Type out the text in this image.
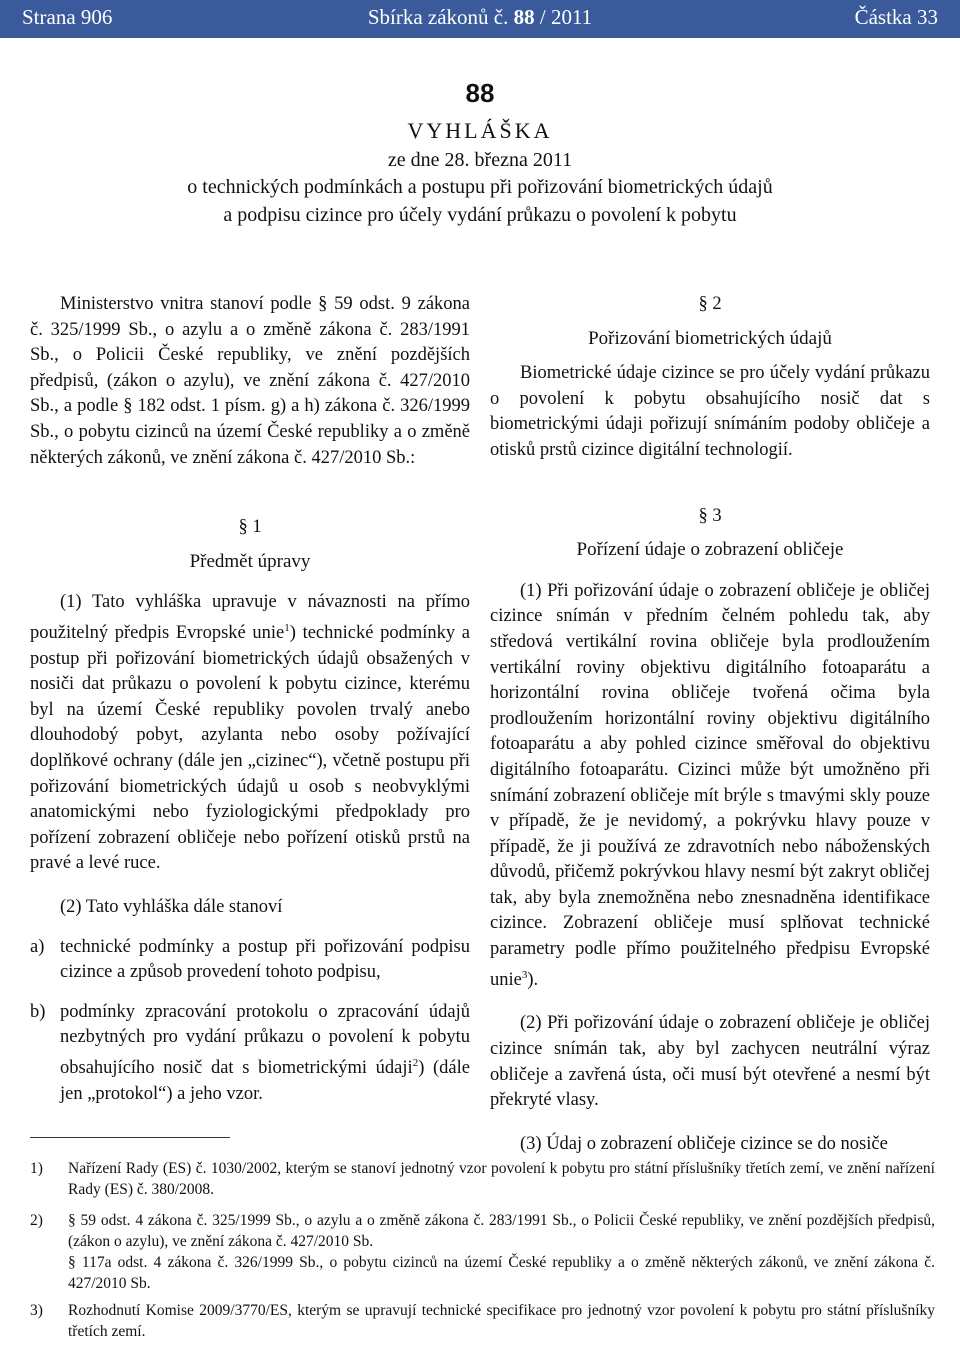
Strana 906	Sbírka zákonů č. 88 / 2011	Částka 33
88
VYHLÁŠKA
ze dne 28. března 2011
o technických podmínkách a postupu při pořizování biometrických údajů
a podpisu cizince pro účely vydání průkazu o povolení k pobytu

Ministerstvo vnitra stanoví podle § 59 odst. 9 zákona č. 325/1999 Sb., o azylu a o změně zákona č. 283/1991 Sb., o Policii České republiky, ve znění pozdějších předpisů, (zákon o azylu), ve znění zákona č. 427/2010 Sb., a podle § 182 odst. 1 písm. g) a h) zákona č. 326/1999 Sb., o pobytu cizinců na území České republiky a o změně některých zákonů, ve znění zákona č. 427/2010 Sb.:

§ 1
Předmět úpravy

(1) Tato vyhláška upravuje v návaznosti na přímo použitelný předpis Evropské unie$^1$) technické podmínky a postup při pořizování biometrických údajů obsažených v nosiči dat průkazu o povolení k pobytu cizince, kterému byl na území České republiky povolen trvalý anebo dlouhodobý pobyt, azylanta nebo osoby požívající doplňkové ochrany (dále jen „cizinec“), včetně postupu při pořizování biometrických údajů u osob s neobvyklými anatomickými nebo fyziologickými předpoklady pro pořízení zobrazení obličeje nebo pořízení otisků prstů na pravé a levé ruce.

(2) Tato vyhláška dále stanoví

a) technické podmínky a postup při pořizování podpisu cizince a způsob provedení tohoto podpisu,
b) podmínky zpracování protokolu o zpracování údajů nezbytných pro vydání průkazu o povolení k pobytu obsahujícího nosič dat s biometrickými údaji$^2$) (dále jen „protokol“) a jeho vzor.
§ 2
Pořizování biometrických údajů

Biometrické údaje cizince se pro účely vydání průkazu o povolení k pobytu obsahujícího nosič dat s biometrickými údaji pořizují snímáním podoby obličeje a otisků prstů cizince digitální technologií.

§ 3
Pořízení údaje o zobrazení obličeje

(1) Při pořizování údaje o zobrazení obličeje je obličej cizince snímán v předním čelném pohledu tak, aby středová vertikální rovina obličeje byla prodloužením vertikální roviny objektivu digitálního fotoaparátu a horizontální rovina obličeje tvořená očima byla prodloužením horizontální roviny objektivu digitálního fotoaparátu a aby pohled cizince směřoval do objektivu digitálního fotoaparátu. Cizinci může být umožněno při snímání zobrazení obličeje mít brýle s tmavými skly pouze v případě, že je nevidomý, a pokrývku hlavy pouze v případě, že ji používá ze zdravotních nebo náboženských důvodů, přičemž pokrývkou hlavy nesmí být zakryt obličej tak, aby byla znemožněna nebo znesnadněna identifikace cizince. Zobrazení obličeje musí splňovat technické parametry podle přímo použitelného předpisu Evropské unie$^3$).

(2) Při pořizování údaje o zobrazení obličeje je obličej cizince snímán tak, aby byl zachycen neutrální výraz obličeje a zavřená ústa, oči musí být otevřené a nesmí být překryté vlasy.

(3) Údaj o zobrazení obličeje cizince se do nosiče

1)	Nařízení Rady (ES) č. 1030/2002, kterým se stanoví jednotný vzor povolení k pobytu pro státní příslušníky třetích zemí, ve znění nařízení Rady (ES) č. 380/2008.
2)	§ 59 odst. 4 zákona č. 325/1999 Sb., o azylu a o změně zákona č. 283/1991 Sb., o Policii České republiky, ve znění pozdějších předpisů, (zákon o azylu), ve znění zákona č. 427/2010 Sb.
§ 117a odst. 4 zákona č. 326/1999 Sb., o pobytu cizinců na území České republiky a o změně některých zákonů, ve znění zákona č. 427/2010 Sb.
3)	Rozhodnutí Komise 2009/3770/ES, kterým se upravují technické specifikace pro jednotný vzor povolení k pobytu pro státní příslušníky třetích zemí.
